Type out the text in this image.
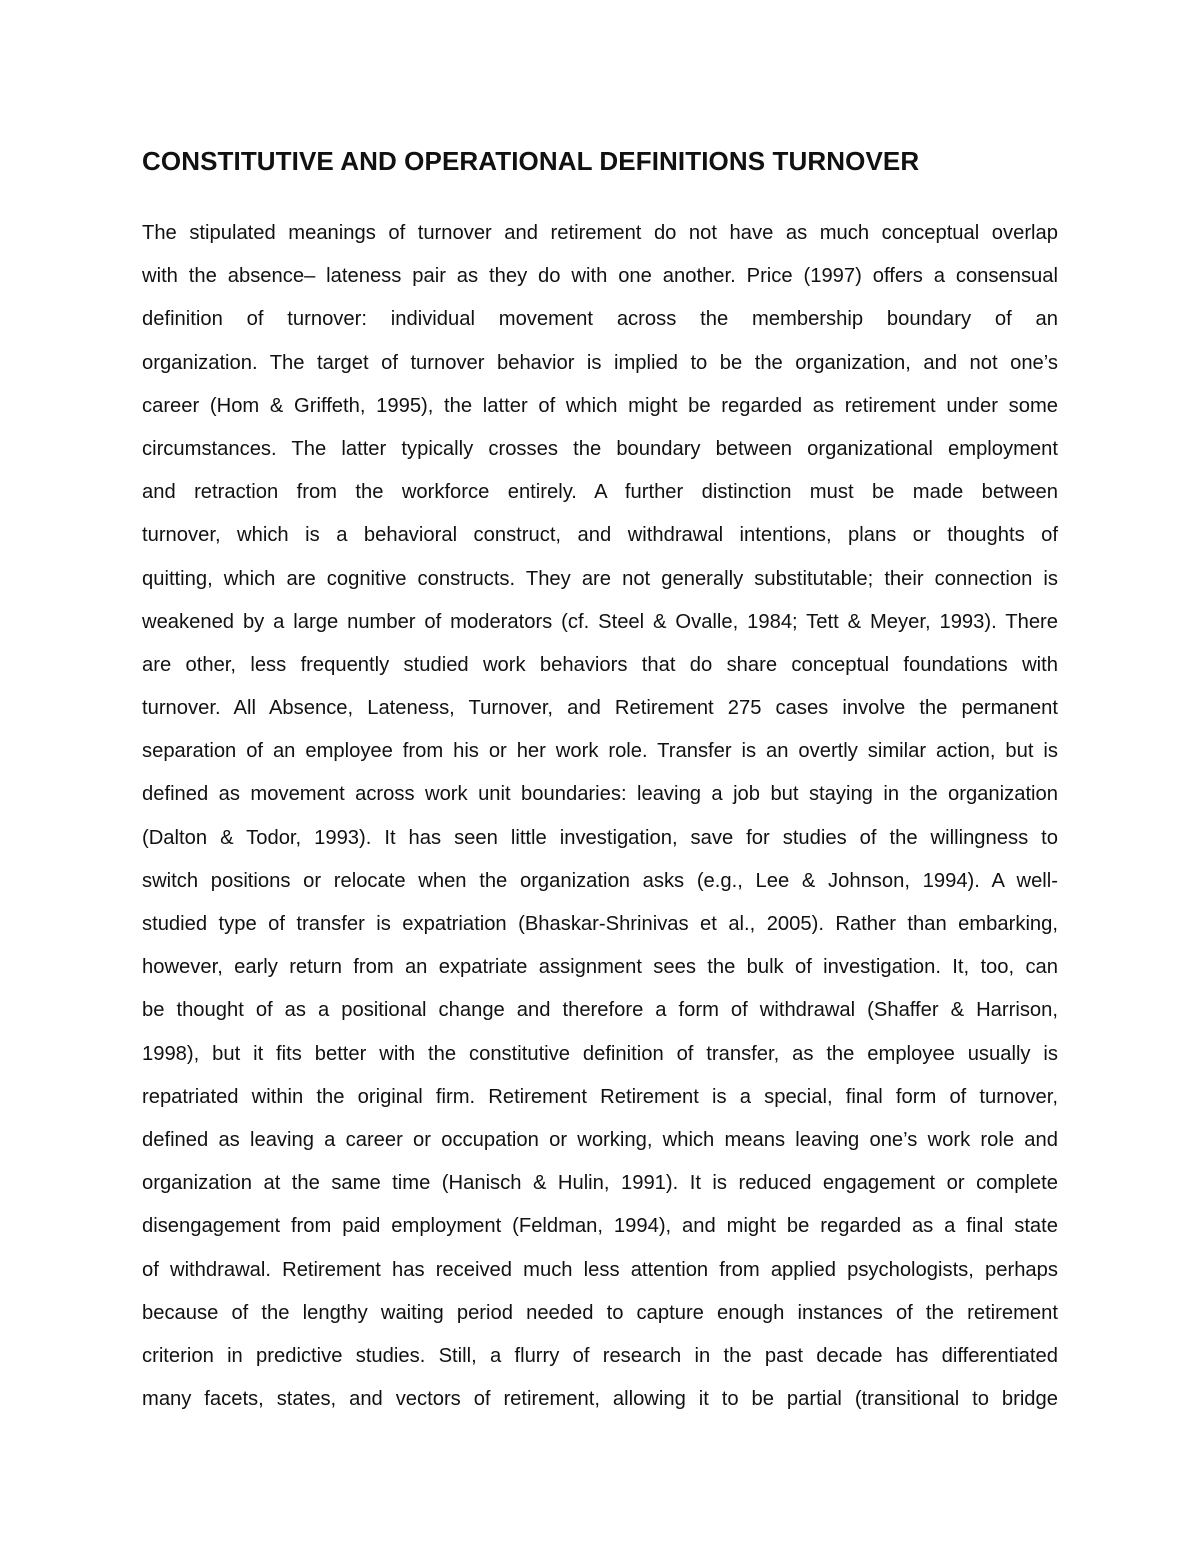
CONSTITUTIVE AND OPERATIONAL DEFINITIONS TURNOVER
The stipulated meanings of turnover and retirement do not have as much conceptual overlap
with the absence– lateness pair as they do with one another. Price (1997) offers a consensual
definition of turnover: individual movement across the membership boundary of an
organization. The target of turnover behavior is implied to be the organization, and not one’s
career (Hom & Griffeth, 1995), the latter of which might be regarded as retirement under some
circumstances. The latter typically crosses the boundary between organizational employment
and retraction from the workforce entirely. A further distinction must be made between
turnover, which is a behavioral construct, and withdrawal intentions, plans or thoughts of
quitting, which are cognitive constructs. They are not generally substitutable; their connection is
weakened by a large number of moderators (cf. Steel & Ovalle, 1984; Tett & Meyer, 1993). There
are other, less frequently studied work behaviors that do share conceptual foundations with
turnover. All Absence, Lateness, Turnover, and Retirement 275 cases involve the permanent
separation of an employee from his or her work role. Transfer is an overtly similar action, but is
defined as movement across work unit boundaries: leaving a job but staying in the organization
(Dalton & Todor, 1993). It has seen little investigation, save for studies of the willingness to
switch positions or relocate when the organization asks (e.g., Lee & Johnson, 1994). A well-
studied type of transfer is expatriation (Bhaskar-Shrinivas et al., 2005). Rather than embarking,
however, early return from an expatriate assignment sees the bulk of investigation. It, too, can
be thought of as a positional change and therefore a form of withdrawal (Shaffer & Harrison,
1998), but it fits better with the constitutive definition of transfer, as the employee usually is
repatriated within the original firm. Retirement Retirement is a special, final form of turnover,
defined as leaving a career or occupation or working, which means leaving one’s work role and
organization at the same time (Hanisch & Hulin, 1991). It is reduced engagement or complete
disengagement from paid employment (Feldman, 1994), and might be regarded as a final state
of withdrawal. Retirement has received much less attention from applied psychologists, perhaps
because of the lengthy waiting period needed to capture enough instances of the retirement
criterion in predictive studies. Still, a flurry of research in the past decade has differentiated
many facets, states, and vectors of retirement, allowing it to be partial (transitional to bridge
